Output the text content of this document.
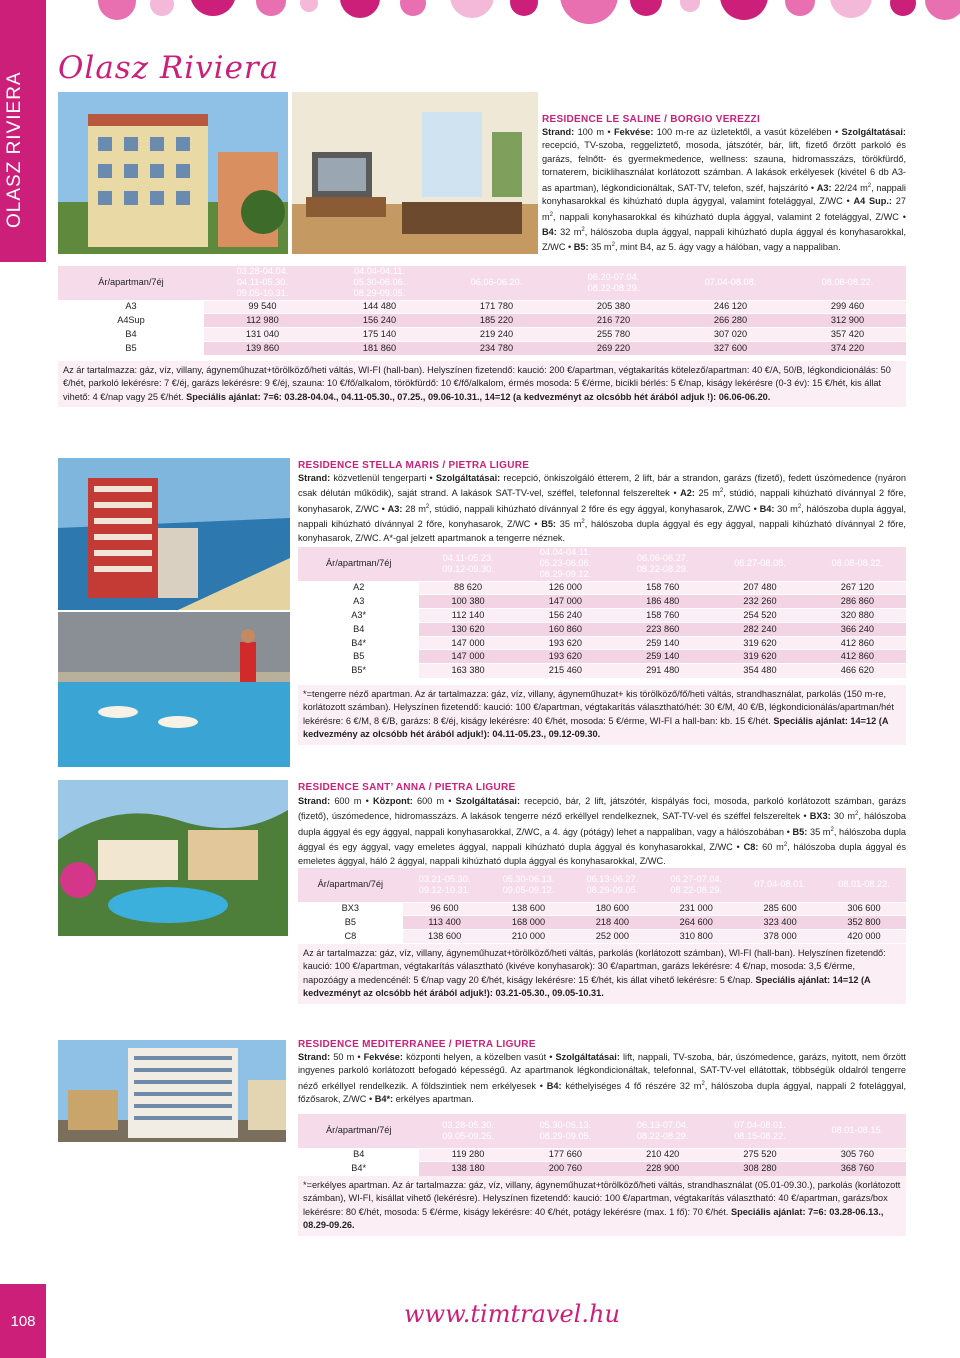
OLASZ RIVIERA
108
Olasz Riviera
RESIDENCE LE SALINE / BORGIO VEREZZI
Strand: 100 m • Fekvése: 100 m-re az üzletektől, a vasút közelében • Szolgáltatásai: recepció, TV-szoba, reggeliztető, mosoda, játszótér, bár, lift, fizető őrzött parkoló és garázs, felnőtt- és gyermekmedence, wellness: szauna, hidromasszázs, törökfürdő, tornaterem, biciklihasználat korlátozott számban. A lakások erkélyesek (kivétel 6 db A3-as apartman), légkondicionáltak, SAT-TV, telefon, széf, hajszárító • A3: 22/24 $m^2$, nappali konyhasarokkal és kihúzható dupla ágygyal, valamint fotelággyal, Z/WC • A4 Sup.: 27 $m^2$, nappali konyhasarokkal és kihúzható dupla ággyal, valamint 2 fotelággyal, Z/WC • B4: 32 $m^2$, hálószoba dupla ággyal, nappali kihúzható dupla ággyal és konyhasarokkal, Z/WC • B5: 35 $m^2$, mint B4, az 5. ágy vagy a hálóban, vagy a nappaliban.
Ár/apartman/7éj	03.28-04.04.
04.11-05.30.
09.05-10.31.	04.04-04.11.
05.30-06.06.
08.29-09.05.	06.06-06.20.	06.20-07.04.
08.22-08.29.	07.04-08.08.	08.08-08.22.
A3	99 540	144 480	171 780	205 380	246 120	299 460
A4Sup	112 980	156 240	185 220	216 720	266 280	312 900
B4	131 040	175 140	219 240	255 780	307 020	357 420
B5	139 860	181 860	234 780	269 220	327 600	374 220
Az ár tartalmazza: gáz, víz, villany, ágyneműhuzat+törölköző/heti váltás, WI-FI (hall-ban). Helyszínen fizetendő: kaució: 200 €/apartman, végtakarítás kötelező/apartman: 40 €/A, 50/B, légkondicionálás: 50 €/hét, parkoló lekérésre: 7 €/éj, garázs lekérésre: 9 €/éj, szauna: 10 €/fő/alkalom, törökfürdő: 10 €/fő/alkalom, érmés mosoda: 5 €/érme, bicikli bérlés: 5 €/nap, kiságy lekérésre (0-3 év): 15 €/hét, kis állat vihető: 4 €/nap vagy 25 €/hét. Speciális ajánlat: 7=6: 03.28-04.04., 04.11-05.30., 07.25., 09.06-10.31., 14=12 (a kedvezményt az olcsóbb hét árából adjuk !): 06.06-06.20.
RESIDENCE STELLA MARIS / PIETRA LIGURE
Strand: közvetlenül tengerparti • Szolgáltatásai: recepció, önkiszolgáló étterem, 2 lift, bár a strandon, garázs (fizető), fedett úszómedence (nyáron csak délután működik), saját strand. A lakások SAT-TV-vel, széffel, telefonnal felszereltek • A2: 25 $m^2$, stúdió, nappali kihúzható dívánnyal 2 főre, konyhasarok, Z/WC • A3: 28 $m^2$, stúdió, nappali kihúzható dívánnyal 2 főre és egy ággyal, konyhasarok, Z/WC • B4: 30 $m^2$, hálószoba dupla ággyal, nappali kihúzható dívánnyal 2 főre, konyhasarok, Z/WC • B5: 35 $m^2$, hálószoba dupla ággyal és egy ággyal, nappali kihúzható dívánnyal 2 főre, konyhasarok, Z/WC. A*-gal jelzett apartmanok a tengerre néznek.
Ár/apartman/7éj	04.11-05.23.
09.12-09.30.	04.04-04.11.
05.23-06.06.
08.29-09.12.	06.06-06.27.
08.22-08.29.	06.27-08.08.	08.08-08.22.
A2	88 620	126 000	158 760	207 480	267 120
A3	100 380	147 000	186 480	232 260	286 860
A3*	112 140	156 240	158 760	254 520	320 880
B4	130 620	160 860	223 860	282 240	366 240
B4*	147 000	193 620	259 140	319 620	412 860
B5	147 000	193 620	259 140	319 620	412 860
B5*	163 380	215 460	291 480	354 480	466 620
*=tengerre néző apartman. Az ár tartalmazza: gáz, víz, villany, ágyneműhuzat+ kis törölköző/fő/heti váltás, strandhasználat, parkolás (150 m-re, korlátozott számban). Helyszínen fizetendő: kaució: 100 €/apartman, végtakarítás választható/hét: 30 €/M, 40 €/B, légkondicionálás/apartman/hét lekérésre: 6 €/M, 8 €/B, garázs: 8 €/éj, kiságy lekérésre: 40 €/hét, mosoda: 5 €/érme, WI-FI a hall-ban: kb. 15 €/hét. Speciális ajánlat: 14=12 (A kedvezmény az olcsóbb hét árából adjuk!): 04.11-05.23., 09.12-09.30.
RESIDENCE SANT’ ANNA / PIETRA LIGURE
Strand: 600 m • Központ: 600 m • Szolgáltatásai: recepció, bár, 2 lift, játszótér, kispályás foci, mosoda, parkoló korlátozott számban, garázs (fizető), úszómedence, hidromasszázs. A lakások tengerre néző erkéllyel rendelkeznek, SAT-TV-vel és széffel felszereltek • BX3: 30 $m^2$, hálószoba dupla ággyal és egy ággyal, nappali konyhasarokkal, Z/WC, a 4. ágy (pótágy) lehet a nappaliban, vagy a hálószobában • B5: 35 $m^2$, hálószoba dupla ággyal és egy ággyal, vagy emeletes ággyal, nappali kihúzható dupla ággyal és konyhasarokkal, Z/WC • C8: 60 $m^2$, hálószoba dupla ággyal és emeletes ággyal, háló 2 ággyal, nappali kihúzható dupla ággyal és konyhasarokkal, Z/WC.
Ár/apartman/7éj	03.21-05.30.
09.12-10.31.	05.30-06.13.
09.05-09.12.	06.13-06.27.
08.29-09.05.	06.27-07.04.
08.22-08.29.	07.04-08.01.	08.01-08.22.
BX3	96 600	138 600	180 600	231 000	285 600	306 600
B5	113 400	168 000	218 400	264 600	323 400	352 800
C8	138 600	210 000	252 000	310 800	378 000	420 000
Az ár tartalmazza: gáz, víz, villany, ágyneműhuzat+törölköző/heti váltás, parkolás (korlátozott számban), WI-FI (hall-ban). Helyszínen fizetendő: kaució: 100 €/apartman, végtakarítás választható (kivéve konyhasarok): 30 €/apartman, garázs lekérésre: 4 €/nap, mosoda: 3,5 €/érme, napozóágy a medencénél: 5 €/nap vagy 20 €/hét, kiságy lekérésre: 15 €/hét, kis állat vihető lekérésre: 5 €/nap. Speciális ajánlat: 14=12 (A kedvezményt az olcsóbb hét árából adjuk!): 03.21-05.30., 09.05-10.31.
RESIDENCE MEDITERRANEE / PIETRA LIGURE
Strand: 50 m • Fekvése: központi helyen, a közelben vasút • Szolgáltatásai: lift, nappali, TV-szoba, bár, úszómedence, garázs, nyitott, nem őrzött ingyenes parkoló korlátozott befogadó képességű. Az apartmanok légkondicionáltak, telefonnal, SAT-TV-vel ellátottak, többségük oldalról tengerre néző erkéllyel rendelkezik. A földszintiek nem erkélyesek • B4: kéthelyiséges 4 fő részére 32 $m^2$, hálószoba dupla ággyal, nappali 2 fotelággyal, főzősarok, Z/WC • B4*: erkélyes apartman.
Ár/apartman/7éj	03.28-05.30.
09.05-09.26.	05.30-06.13.
08.29-09.05.	06.13-07.04.
08.22-08.29.	07.04-08.01.
08.15-08.22.	08.01-08.15.
B4	119 280	177 660	210 420	275 520	305 760
B4*	138 180	200 760	228 900	308 280	368 760
*=erkélyes apartman. Az ár tartalmazza: gáz, víz, villany, ágyneműhuzat+törölköző/heti váltás, strandhasználat (05.01-09.30.), parkolás (korlátozott számban), WI-FI, kisállat vihető (lekérésre). Helyszínen fizetendő: kaució: 100 €/apartman, végtakarítás választható: 40 €/apartman, garázs/box lekérésre: 80 €/hét, mosoda: 5 €/érme, kiságy lekérésre: 40 €/hét, potágy lekérésre (max. 1 fő): 70 €/hét. Speciális ajánlat: 7=6: 03.28-06.13., 08.29-09.26.
www.timtravel.hu
